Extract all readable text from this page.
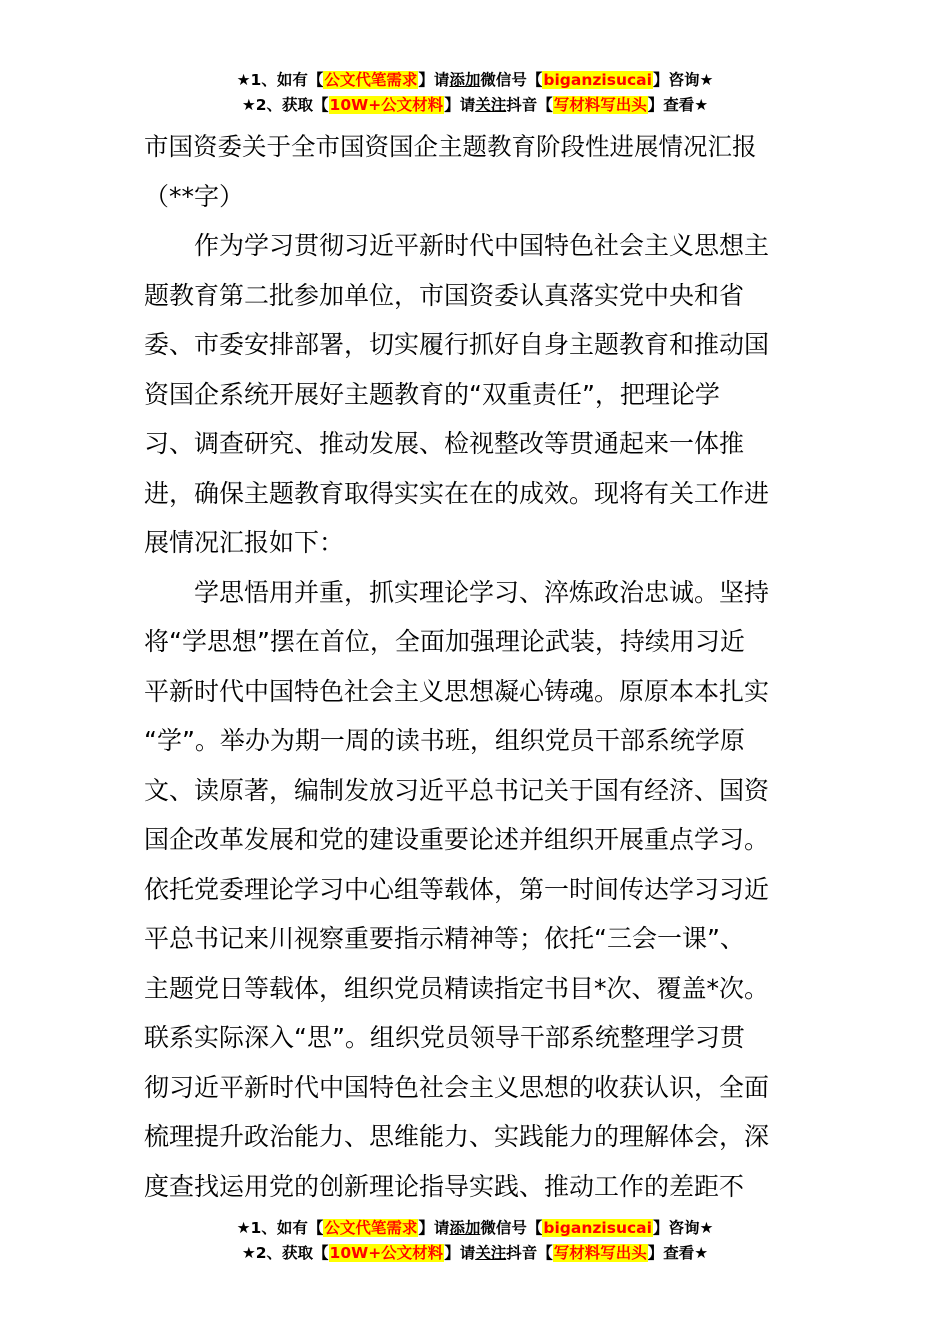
★1、如有【公文代笔需求】请添加微信号【biganzisucai】咨询★
★2、获取【10W+公文材料】请关注抖音【写材料写出头】查看★
市国资委关于全市国资国企主题教育阶段性进展情况汇报
（**字）
　　作为学习贯彻习近平新时代中国特色社会主义思想主
题教育第二批参加单位，市国资委认真落实党中央和省
委、市委安排部署，切实履行抓好自身主题教育和推动国
资国企系统开展好主题教育的“双重责任”，把理论学
习、调查研究、推动发展、检视整改等贯通起来一体推
进，确保主题教育取得实实在在的成效。现将有关工作进
展情况汇报如下：
　　学思悟用并重，抓实理论学习、淬炼政治忠诚。坚持
将“学思想”摆在首位，全面加强理论武装，持续用习近
平新时代中国特色社会主义思想凝心铸魂。原原本本扎实
“学”。举办为期一周的读书班，组织党员干部系统学原
文、读原著，编制发放习近平总书记关于国有经济、国资
国企改革发展和党的建设重要论述并组织开展重点学习。
依托党委理论学习中心组等载体，第一时间传达学习习近
平总书记来川视察重要指示精神等；依托“三会一课”、
主题党日等载体，组织党员精读指定书目*次、覆盖*次。
联系实际深入“思”。组织党员领导干部系统整理学习贯
彻习近平新时代中国特色社会主义思想的收获认识，全面
梳理提升政治能力、思维能力、实践能力的理解体会，深
度查找运用党的创新理论指导实践、推动工作的差距不
★1、如有【公文代笔需求】请添加微信号【biganzisucai】咨询★
★2、获取【10W+公文材料】请关注抖音【写材料写出头】查看★
